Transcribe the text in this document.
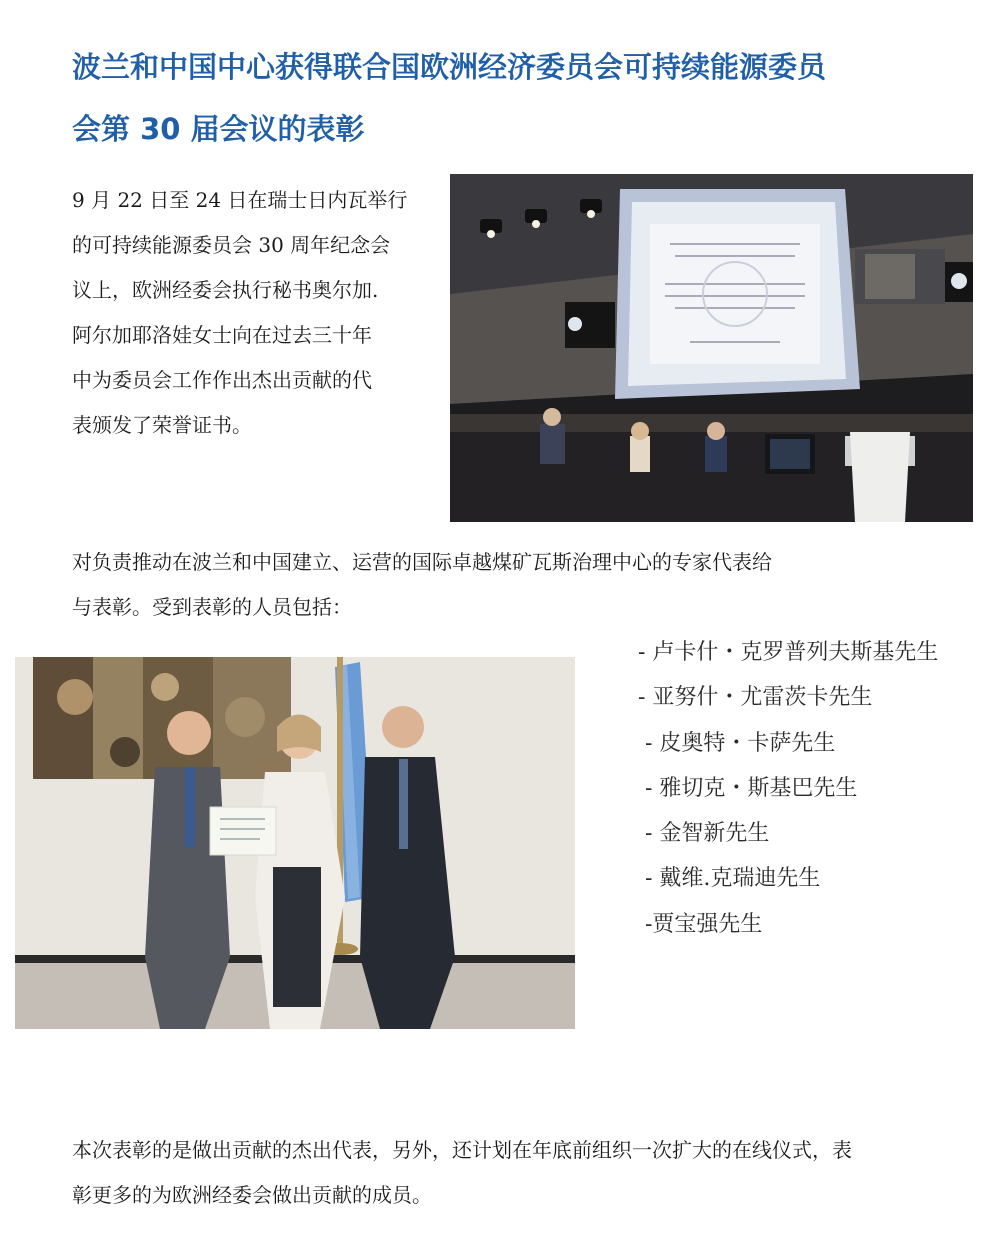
波兰和中国中心获得联合国欧洲经济委员会可持续能源委员
会第 30 届会议的表彰

9 月 22 日至 24 日在瑞士日内瓦举行
的可持续能源委员会 30 周年纪念会
议上，欧洲经委会执行秘书奥尔加.
阿尔加耶洛娃女士向在过去三十年
中为委员会工作作出杰出贡献的代
表颁发了荣誉证书。

对负责推动在波兰和中国建立、运营的国际卓越煤矿瓦斯治理中心的专家代表给
与表彰。受到表彰的人员包括：

- 卢卡什・克罗普列夫斯基先生
- 亚努什・尤雷茨卡先生
- 皮奥特・卡萨先生
- 雅切克・斯基巴先生
- 金智新先生
- 戴维.克瑞迪先生
-贾宝强先生

本次表彰的是做出贡献的杰出代表，另外，还计划在年底前组织一次扩大的在线仪式，表
彰更多的为欧洲经委会做出贡献的成员。
